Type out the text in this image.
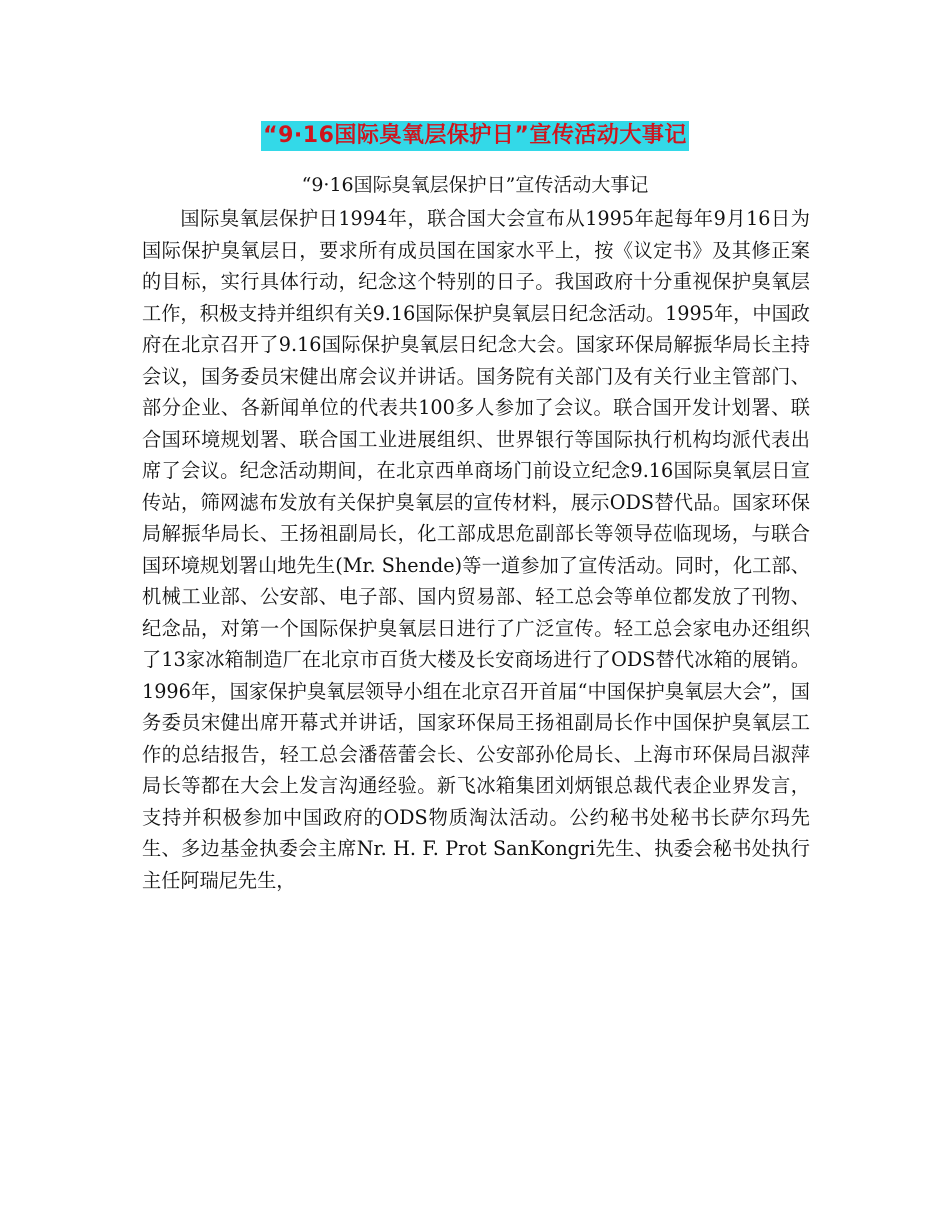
“9·16国际臭氧层保护日”宣传活动大事记

“9·16国际臭氧层保护日”宣传活动大事记

国际臭氧层保护日1994年，联合国大会宣布从1995年起每年9月16日为国际保护臭氧层日，要求所有成员国在国家水平上，按《议定书》及其修正案的目标，实行具体行动，纪念这个特别的日子。我国政府十分重视保护臭氧层工作，积极支持并组织有关9.16国际保护臭氧层日纪念活动。1995年，中国政府在北京召开了9.16国际保护臭氧层日纪念大会。国家环保局解振华局长主持会议，国务委员宋健出席会议并讲话。国务院有关部门及有关行业主管部门、部分企业、各新闻单位的代表共100多人参加了会议。联合国开发计划署、联合国环境规划署、联合国工业进展组织、世界银行等国际执行机构均派代表出席了会议。纪念活动期间，在北京西单商场门前设立纪念9.16国际臭氧层日宣传站，筛网滤布发放有关保护臭氧层的宣传材料，展示ODS替代品。国家环保局解振华局长、王扬祖副局长，化工部成思危副部长等领导莅临现场，与联合国环境规划署山地先生(Mr. Shende)等一道参加了宣传活动。同时，化工部、机械工业部、公安部、电子部、国内贸易部、轻工总会等单位都发放了刊物、纪念品，对第一个国际保护臭氧层日进行了广泛宣传。轻工总会家电办还组织了13家冰箱制造厂在北京市百货大楼及长安商场进行了ODS替代冰箱的展销。1996年，国家保护臭氧层领导小组在北京召开首届“中国保护臭氧层大会”，国务委员宋健出席开幕式并讲话，国家环保局王扬祖副局长作中国保护臭氧层工作的总结报告，轻工总会潘蓓蕾会长、公安部孙伦局长、上海市环保局吕淑萍局长等都在大会上发言沟通经验。新飞冰箱集团刘炳银总裁代表企业界发言，支持并积极参加中国政府的ODS物质淘汰活动。公约秘书处秘书长萨尔玛先生、多边基金执委会主席Nr. H. F. Prot SanKongri先生、执委会秘书处执行主任阿瑞尼先生，
